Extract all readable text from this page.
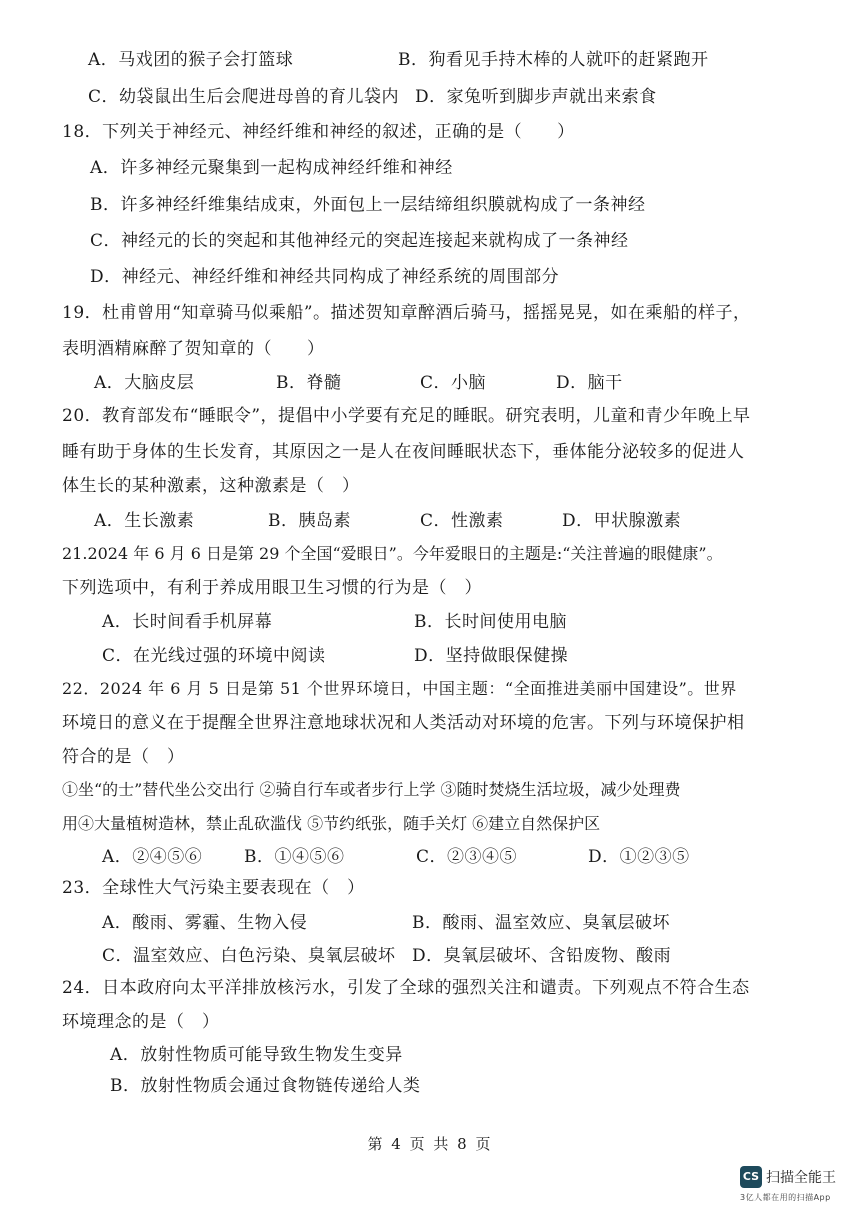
A．马戏团的猴子会打篮球	B．狗看见手持木棒的人就吓的赶紧跑开
C．幼袋鼠出生后会爬进母兽的育儿袋内 D．家兔听到脚步声就出来索食
18．下列关于神经元、神经纤维和神经的叙述，正确的是（　　）
A．许多神经元聚集到一起构成神经纤维和神经
B．许多神经纤维集结成束，外面包上一层结缔组织膜就构成了一条神经
C．神经元的长的突起和其他神经元的突起连接起来就构成了一条神经
D．神经元、神经纤维和神经共同构成了神经系统的周围部分
19．杜甫曾用“知章骑马似乘船”。描述贺知章醉酒后骑马，摇摇晃晃，如在乘船的样子，
表明酒精麻醉了贺知章的（　　）
A．大脑皮层	B．脊髓	C．小脑	D．脑干
20．教育部发布“睡眠令”，提倡中小学要有充足的睡眠。研究表明，儿童和青少年晚上早
睡有助于身体的生长发育，其原因之一是人在夜间睡眠状态下，垂体能分泌较多的促进人
体生长的某种激素，这种激素是（　）
A．生长激素	B．胰岛素	C．性激素	D．甲状腺激素
21.2024 年 6 月 6 日是第 29 个全国“爱眼日”。今年爱眼日的主题是:“关注普遍的眼健康”。
下列选项中，有利于养成用眼卫生习惯的行为是（　）
A．长时间看手机屏幕	B．长时间使用电脑
C．在光线过强的环境中阅读	D．坚持做眼保健操
22．2024 年 6 月 5 日是第 51 个世界环境日，中国主题：“全面推进美丽中国建设”。世界
环境日的意义在于提醒全世界注意地球状况和人类活动对环境的危害。下列与环境保护相
符合的是（　）
①坐“的士”替代坐公交出行 ②骑自行车或者步行上学 ③随时焚烧生活垃圾，减少处理费
用④大量植树造林，禁止乱砍滥伐 ⑤节约纸张，随手关灯 ⑥建立自然保护区
A．②④⑤⑥ B．①④⑤⑥	C．②③④⑤	D．①②③⑤
23．全球性大气污染主要表现在（　）
A．酸雨、雾霾、生物入侵	B．酸雨、温室效应、臭氧层破坏
C．温室效应、白色污染、臭氧层破坏 D．臭氧层破坏、含铅废物、酸雨
24．日本政府向太平洋排放核污水，引发了全球的强烈关注和谴责。下列观点不符合生态
环境理念的是（　）
A．放射性物质可能导致生物发生变异
B．放射性物质会通过食物链传递给人类
第 4 页 共 8 页
CS 扫描全能王
3亿人都在用的扫描App
